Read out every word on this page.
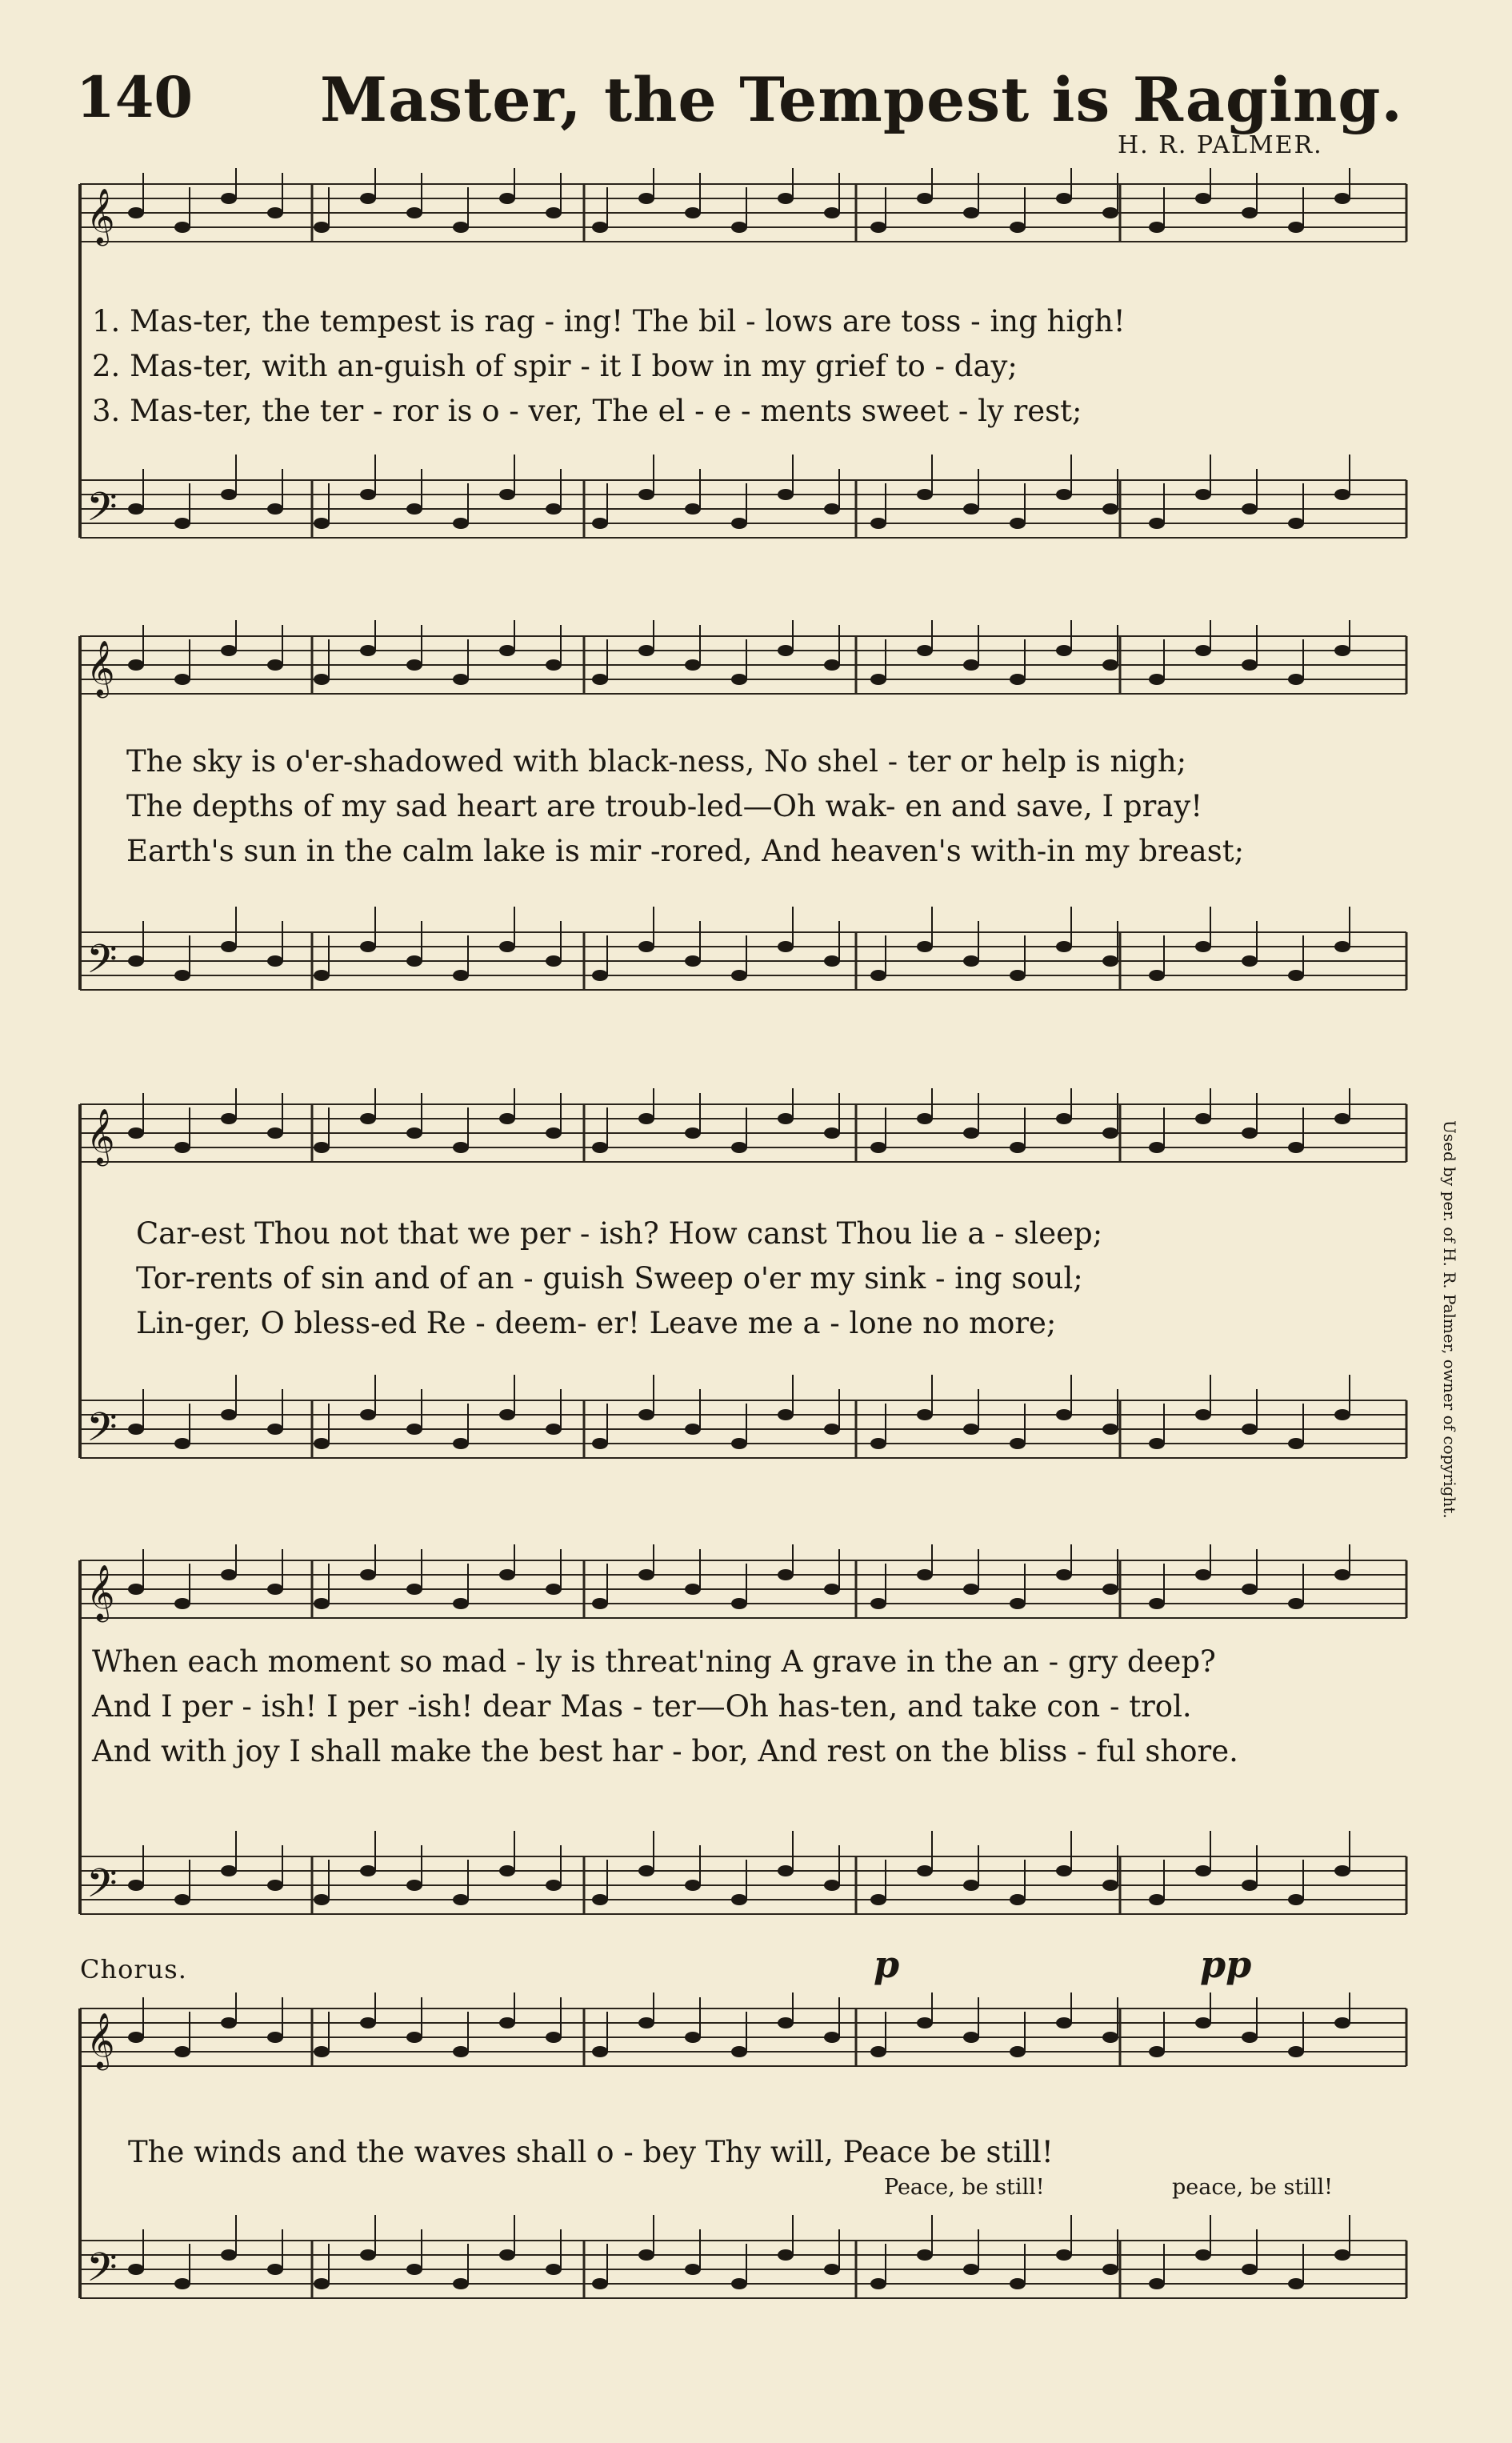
140 Master, the Tempest is Raging.
H. R. PALMER.
𝄞
𝄢
1. Mas-ter, the tempest is rag - ing! The bil - lows are toss - ing high!
2. Mas-ter, with an-guish of spir - it I bow in my grief to - day;
3. Mas-ter, the ter - ror is o - ver, The el - e - ments sweet - ly rest;
𝄞
𝄢
The sky is o'er-shadowed with black-ness, No shel - ter or help is nigh;
The depths of my sad heart are troub-led—Oh wak- en and save, I pray!
Earth's sun in the calm lake is mir -rored, And heaven's with-in my breast;
𝄞
𝄢
Car-est Thou not that we per - ish? How canst Thou lie a - sleep;
Tor-rents of sin and of an - guish Sweep o'er my sink - ing soul;
Lin-ger, O bless-ed Re - deem- er! Leave me a - lone no more;
𝄞
𝄢
When each moment so mad - ly is threat'ning A grave in the an - gry deep?
And I per - ish! I per -ish! dear Mas - ter—Oh has-ten, and take con - trol.
And with joy I shall make the best har - bor, And rest on the bliss - ful shore.
Chorus.	p	pp
𝄞
𝄢
The winds and the waves shall o - bey Thy will, Peace be still!
Peace, be still!	peace, be still!
Used by per. of H. R. Palmer, owner of copyright.
